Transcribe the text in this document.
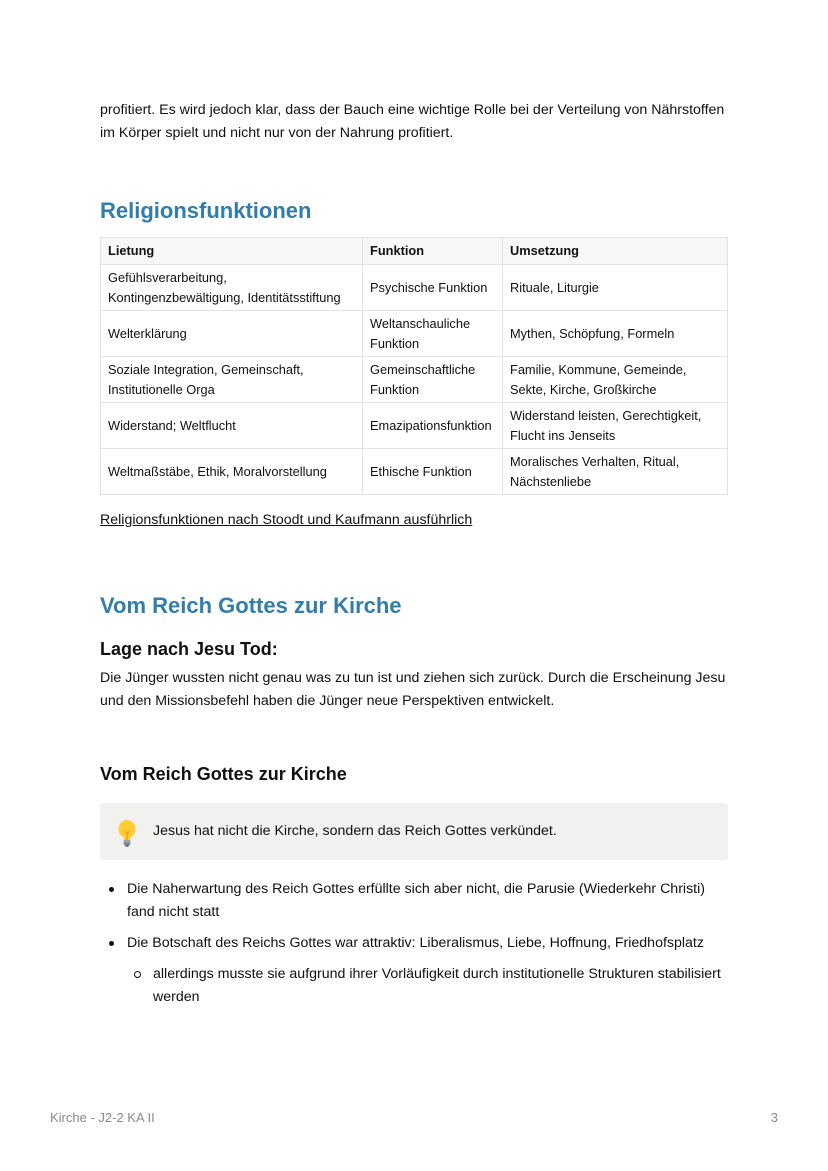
profitiert. Es wird jedoch klar, dass der Bauch eine wichtige Rolle bei der Verteilung von Nährstoffen im Körper spielt und nicht nur von der Nahrung profitiert.

Religionsfunktionen
Lietung	Funktion	Umsetzung
Gefühlsverarbeitung, Kontingenzbewältigung, Identitätsstiftung	Psychische Funktion	Rituale, Liturgie
Welterklärung	Weltanschauliche Funktion	Mythen, Schöpfung, Formeln
Soziale Integration, Gemeinschaft, Institutionelle Orga	Gemeinschaftliche Funktion	Familie, Kommune, Gemeinde, Sekte, Kirche, Großkirche
Widerstand; Weltflucht	Emazipationsfunktion	Widerstand leisten, Gerechtigkeit, Flucht ins Jenseits
Weltmaßstäbe, Ethik, Moralvorstellung	Ethische Funktion	Moralisches Verhalten, Ritual, Nächstenliebe
Religionsfunktionen nach Stoodt und Kaufmann ausführlich
Vom Reich Gottes zur Kirche
Lage nach Jesu Tod:

Die Jünger wussten nicht genau was zu tun ist und ziehen sich zurück. Durch die Erscheinung Jesu und den Missionsbefehl haben die Jünger neue Perspektiven entwickelt.

Vom Reich Gottes zur Kirche
Jesus hat nicht die Kirche, sondern das Reich Gottes verkündet.
Die Naherwartung des Reich Gottes erfüllte sich aber nicht, die Parusie (Wiederkehr Christi) fand nicht statt
Die Botschaft des Reichs Gottes war attraktiv: Liberalismus, Liebe, Hoffnung, Friedhofsplatz
allerdings musste sie aufgrund ihrer Vorläufigkeit durch institutionelle Strukturen stabilisiert werden
Kirche - J2-2 KA II	3
